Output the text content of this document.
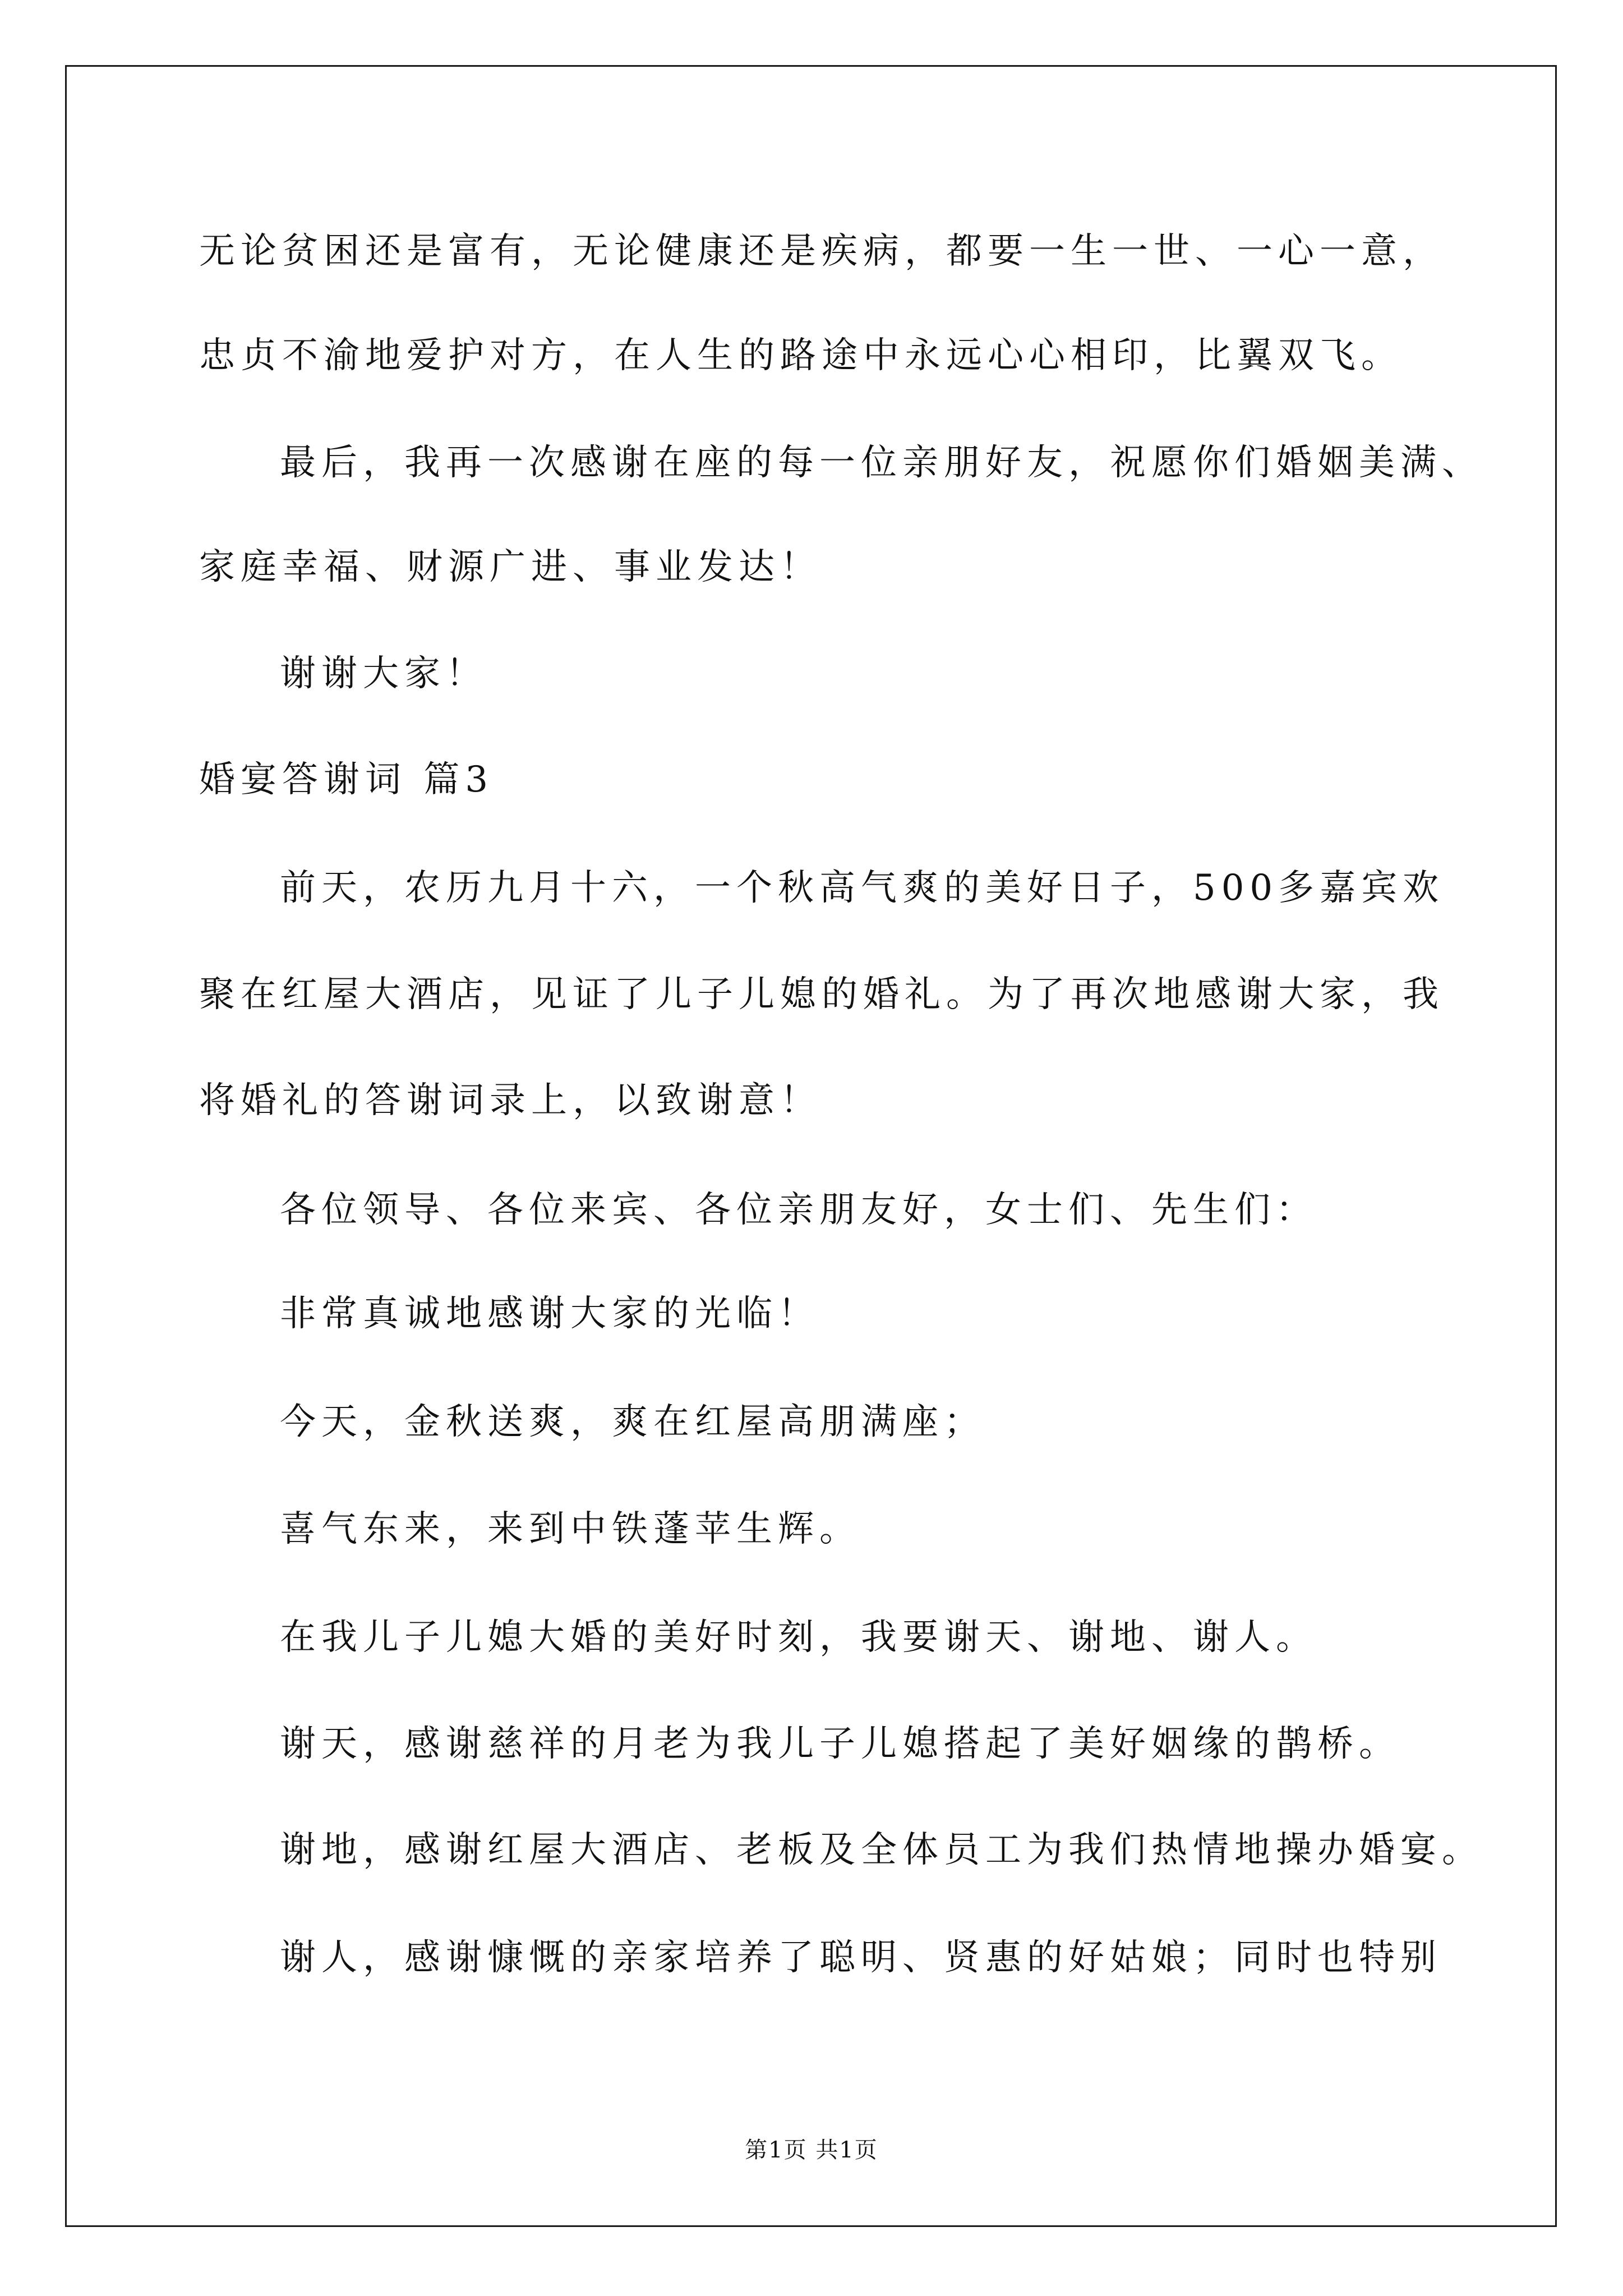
无论贫困还是富有，无论健康还是疾病，都要一生一世、一心一意，
忠贞不渝地爱护对方，在人生的路途中永远心心相印，比翼双飞。
最后，我再一次感谢在座的每一位亲朋好友，祝愿你们婚姻美满、
家庭幸福、财源广进、事业发达！
谢谢大家！
婚宴答谢词 篇3
前天，农历九月十六，一个秋高气爽的美好日子，500多嘉宾欢
聚在红屋大酒店，见证了儿子儿媳的婚礼。为了再次地感谢大家，我
将婚礼的答谢词录上，以致谢意！
各位领导、各位来宾、各位亲朋友好，女士们、先生们：
非常真诚地感谢大家的光临！
今天，金秋送爽，爽在红屋高朋满座；
喜气东来，来到中铁蓬苹生辉。
在我儿子儿媳大婚的美好时刻，我要谢天、谢地、谢人。
谢天，感谢慈祥的月老为我儿子儿媳搭起了美好姻缘的鹊桥。
谢地，感谢红屋大酒店、老板及全体员工为我们热情地操办婚宴。
谢人，感谢慷慨的亲家培养了聪明、贤惠的好姑娘；同时也特别
第1页 共1页
